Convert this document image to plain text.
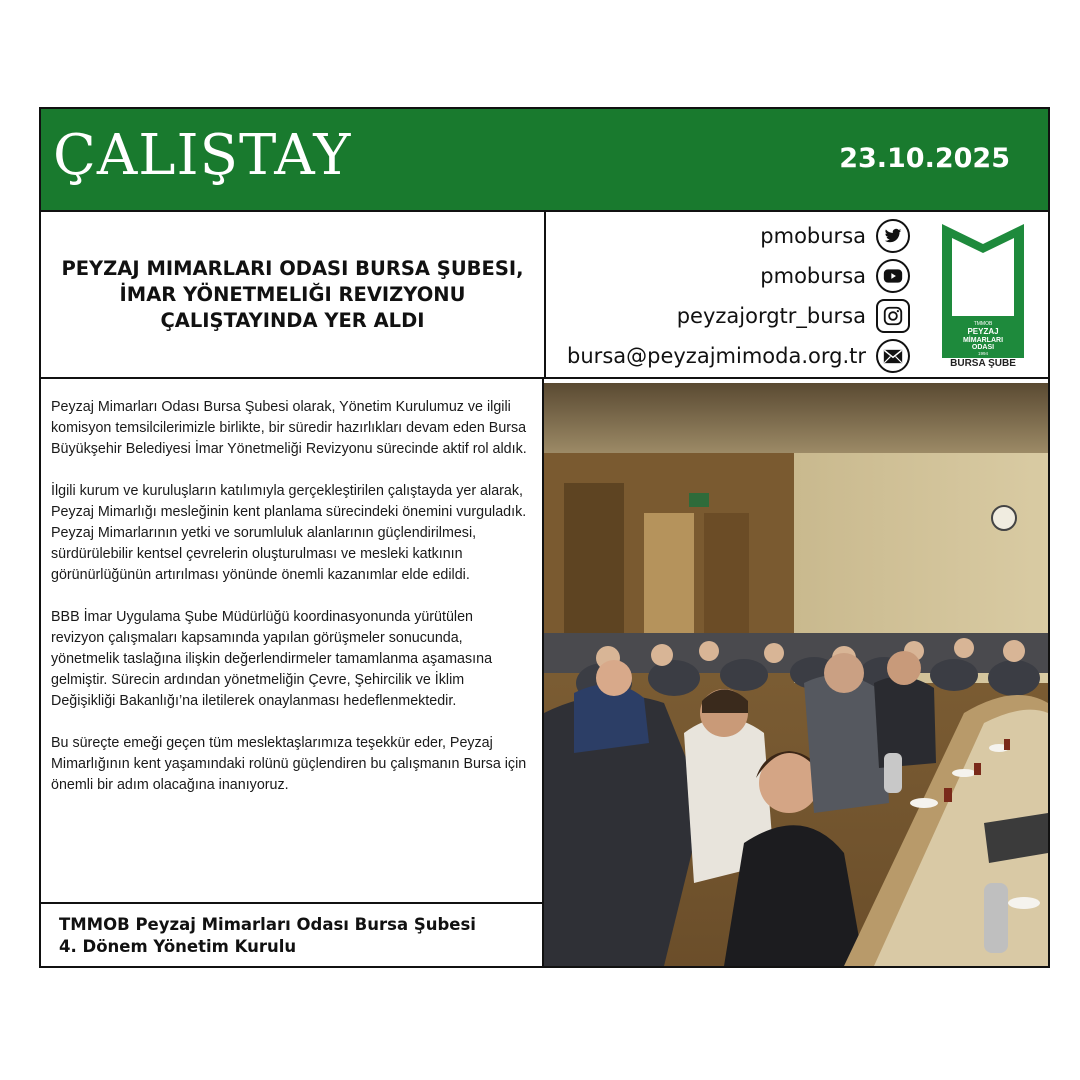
ÇALIŞTAY	23.10.2025
PEYZAJ MIMARLARI ODASI BURSA ŞUBESI, İMAR YÖNETMELIĞI REVIZYONU ÇALIŞTAYINDA YER ALDI
pmobursa
pmobursa
peyzajorgtr_bursa
bursa@peyzajmimoda.org.tr
TMMOB
PEYZAJ
MİMARLARI
ODASI
1994
BURSA ŞUBE

Peyzaj Mimarları Odası Bursa Şubesi olarak, Yönetim Kurulumuz ve ilgili komisyon temsilcilerimizle birlikte, bir süredir hazırlıkları devam eden Bursa Büyükşehir Belediyesi İmar Yönetmeliği Revizyonu sürecinde aktif rol aldık.

İlgili kurum ve kuruluşların katılımıyla gerçekleştirilen çalıştayda yer alarak, Peyzaj Mimarlığı mesleğinin kent planlama sürecindeki önemini vurguladık. Peyzaj Mimarlarının yetki ve sorumluluk alanlarının güçlendirilmesi, sürdürülebilir kentsel çevrelerin oluşturulması ve mesleki katkının görünürlüğünün artırılması yönünde önemli kazanımlar elde edildi.

BBB İmar Uygulama Şube Müdürlüğü koordinasyonunda yürütülen revizyon çalışmaları kapsamında yapılan görüşmeler sonucunda, yönetmelik taslağına ilişkin değerlendirmeler tamamlanma aşamasına gelmiştir. Sürecin ardından yönetmeliğin Çevre, Şehircilik ve İklim Değişikliği Bakanlığı’na iletilerek onaylanması hedeflenmektedir.

Bu süreçte emeği geçen tüm meslektaşlarımıza teşekkür eder, Peyzaj Mimarlığının kent yaşamındaki rolünü güçlendiren bu çalışmanın Bursa için önemli bir adım olacağına inanıyoruz.

TMMOB Peyzaj Mimarları Odası Bursa Şubesi
4. Dönem Yönetim Kurulu
